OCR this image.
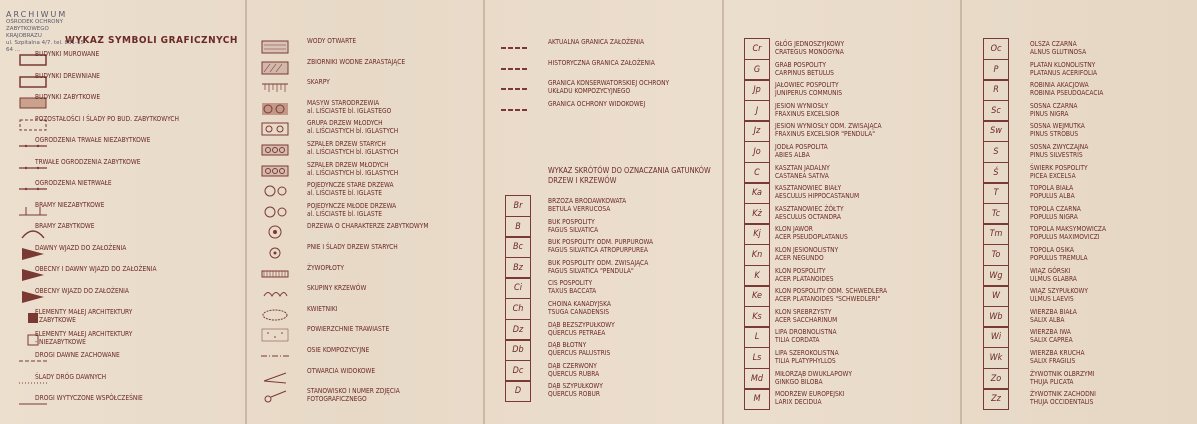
ARCHIWUM
OŚRODEK OCHRONY
ZABYTKOWEGO KRAJOBRAZU
ul. Szpitalna 4/7. tel. 831-15-64 ...
WYKAZ SYMBOLI GRAFICZNYCH
WYKAZ SKRÓTÓW DO OZNACZANIA GATUNKÓW DRZEW I KRZEWÓW
BUDYNKI MUROWANE
BUDYNKI DREWNIANE
BUDYNKI ZABYTKOWE
POZOSTAŁOŚCI I ŚLADY PO BUD. ZABYTKOWYCH
OGRODZENIA TRWAŁE NIEZABYTKOWE
TRWAŁE OGRODZENIA ZABYTKOWE
OGRODZENIA NIETRWAŁE
BRAMY NIEZABYTKOWE
BRAMY ZABYTKOWE
DAWNY WJAZD DO ZAŁOŻENIA
OBECNY I DAWNY WJAZD DO ZAŁOŻENIA
OBECNY WJAZD DO ZAŁOŻENIA
ELEMENTY MAŁEJ ARCHITEKTURY
- ZABYTKOWE
ELEMENTY MAŁEJ ARCHITEKTURY
- NIEZABYTKOWE
DROGI DAWNE ZACHOWANE
ŚLADY DRÓG DAWNYCH
DROGI WYTYCZONE WSPÓŁCZEŚNIE
WODY OTWARTE
ZBIORNIKI WODNE ZARASTAJĄCE
SKARPY
MASYW STARODRZEWIA
al. LIŚCIASTE bl. IGLASTEGO
GRUPA DRZEW MŁODYCH
al. LIŚCIASTYCH bl. IGLASTYCH
SZPALER DRZEW STARYCH
al. LIŚCIASTYCH bl. IGLASTYCH
SZPALER DRZEW MŁODYCH
al. LIŚCIASTYCH bl. IGLASTYCH
POJEDYNCZE STARE DRZEWA
al. LIŚCIASTE bl. IGLASTE
POJEDYNCZE MŁODE DRZEWA
al. LIŚCIASTE bl. IGLASTE
DRZEWA O CHARAKTERZE ZABYTKOWYM
PNIE I ŚLADY DRZEW STARYCH
ŻYWOPŁOTY
SKUPINY KRZEWÓW
KWIETNIKI
POWIERZCHNIE TRAWIASTE
OSIE KOMPOZYCYJNE
OTWARCIA WIDOKOWE
STANOWISKO I NUMER ZDJĘCIA
FOTOGRAFICZNEGO
AKTUALNA GRANICA ZAŁOŻENIA
HISTORYCZNA GRANICA ZAŁOŻENIA
GRANICA KONSERWATORSKIEJ OCHRONY
UKŁADU KOMPOZYCYJNEGO
GRANICA OCHRONY WIDOKOWEJ
Br	BRZOZA BRODAWKOWATA
BETULA VERRUCOSA
B	BUK POSPOLITY
FAGUS SILVATICA
Bc	BUK POSPOLITY ODM. PURPUROWA
FAGUS SILVATICA ATROPURPUREA
Bz	BUK POSPOLITY ODM. ZWISAJĄCA
FAGUS SILVATICA "PENDULA"
Ci	CIS POSPOLITY
TAXUS BACCATA
Ch	CHOINA KANADYJSKA
TSUGA CANADENSIS
Dz	DĄB BEZSZYPUŁKOWY
QUERCUS PETRAEA
Db	DĄB BŁOTNY
QUERCUS PALUSTRIS
Dc	DĄB CZERWONY
QUERCUS RUBRA
D	DĄB SZYPUŁKOWY
QUERCUS ROBUR
Cr	GŁÓG JEDNOSZYJKOWY
CRATEGUS MONOGYNA
G	GRAB POSPOLITY
CARPINUS BETULUS
Jp	JAŁOWIEC POSPOLITY
JUNIPERUS COMMUNIS
J	JESION WYNIOSŁY
FRAXINUS EXCELSIOR
Jz	JESION WYNIOSŁY ODM. ZWISAJĄCA
FRAXINUS EXCELSIOR "PENDULA"
Jo	JODŁA POSPOLITA
ABIES ALBA
C	KASZTAN JADALNY
CASTANEA SATIVA
Ka	KASZTANOWIEC BIAŁY
AESCULUS HIPPOCASTANUM
Kż	KASZTANOWIEC ŻÓŁTY
AESCULUS OCTANDRA
Kj	KLON JAWOR
ACER PSEUDOPLATANUS
Kn	KLON JESIONOLISTNY
ACER NEGUNDO
K	KLON POSPOLITY
ACER PLATANOIDES
Ke	KLON POSPOLITY ODM. SCHWEDLERA
ACER PLATANOIDES "SCHWEDLERI"
Ks	KLON SREBRZYSTY
ACER SACCHARINUM
L	LIPA DROBNOLISTNA
TILIA CORDATA
Ls	LIPA SZEROKOLISTNA
TILIA PLATYPHYLLOS
Md	MIŁORZĄB DWUKLAPOWY
GINKGO BILOBA
M	MODRZEW EUROPEJSKI
LARIX DECIDUA
Oc	OLSZA CZARNA
ALNUS GLUTINOSA
P	PLATAN KLONOLISTNY
PLATANUS ACERIFOLIA
R	ROBINIA AKACJOWA
ROBINIA PSEUDOACACIA
Sc	SOSNA CZARNA
PINUS NIGRA
Sw	SOSNA WEJMUTKA
PINUS STROBUS
S	SOSNA ZWYCZAJNA
PINUS SILVESTRIS
Ś	ŚWIERK POSPOLITY
PICEA EXCELSA
T	TOPOLA BIAŁA
POPULUS ALBA
Tc	TOPOLA CZARNA
POPULUS NIGRA
Tm	TOPOLA MAKSYMOWICZA
POPULUS MAXIMOVICZI
To	TOPOLA OSIKA
POPULUS TREMULA
Wg	WIĄZ GÓRSKI
ULMUS GLABRA
W	WIĄZ SZYPUŁKOWY
ULMUS LAEVIS
Wb	WIERZBA BIAŁA
SALIX ALBA
Wi	WIERZBA IWA
SALIX CAPREA
Wk	WIERZBA KRUCHA
SALIX FRAGILIS
Zo	ŻYWOTNIK OLBRZYMI
THUJA PLICATA
Zz	ŻYWOTNIK ZACHODNI
THUJA OCCIDENTALIS
